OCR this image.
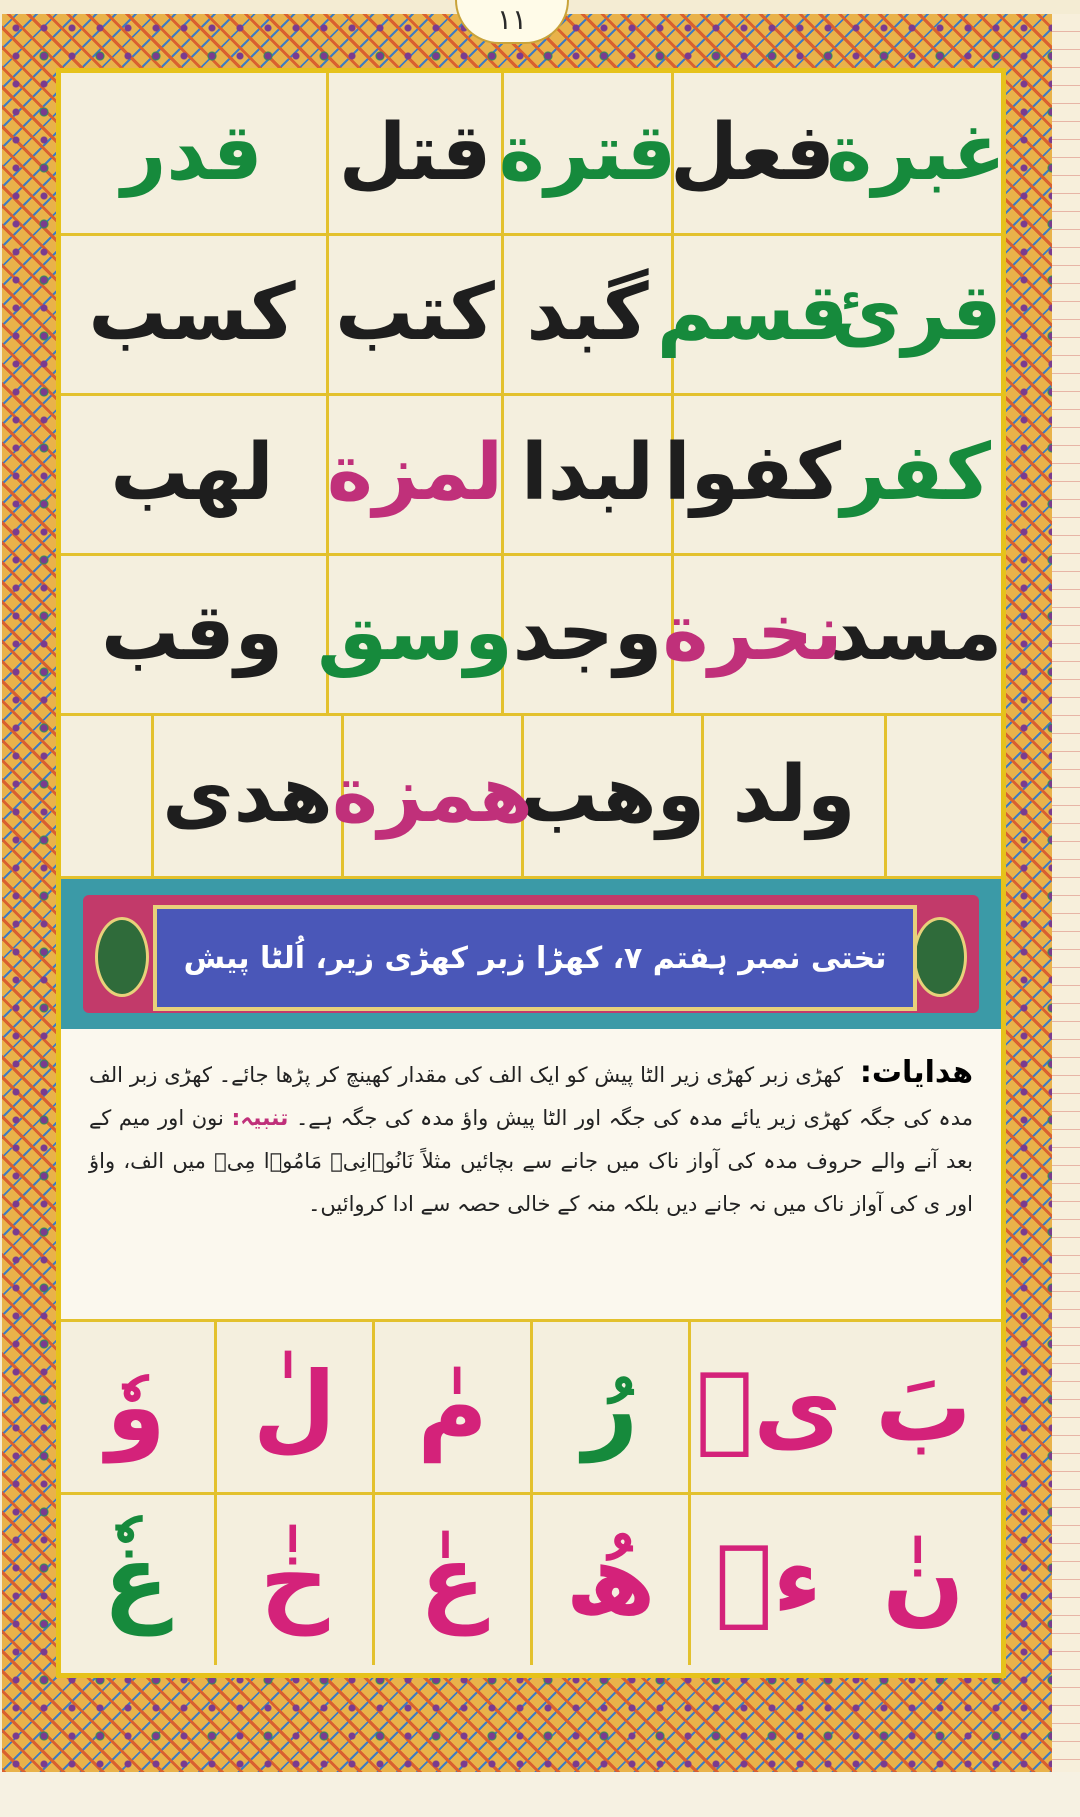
١١
غبرة
فعل
قترة
قتل
قدر
قرئ
قسم
گبد
كتب
كسب
كفر
كفوا
لبدا
لمزة
لهب
مسد
نخرة
وجد
وسق
وقب
ولد
وهب
همزة
هدى
تختی نمبر ہفتم ۷، کھڑا زبر کھڑی زیر، اُلٹا پیش
ھدایات: کھڑی زبر کھڑی زیر الٹا پیش کو ایک الف کی مقدار کھینچ کر پڑھا جائے۔ کھڑی زبر الف مدہ کی جگہ کھڑی زیر یائے مدہ کی جگہ اور الٹا پیش واؤ مدہ کی جگہ ہے۔ تنبیہ: نون اور میم کے بعد آنے والے حروف مدہ کی آواز ناک میں جانے سے بچائیں مثلاً نَانُوۡانِیۡ مَامُوۡا مِیۡ میں الف، واؤ اور ی کی آواز ناک میں نہ جانے دیں بلکہ منہ کے خالی حصہ سے ادا کروائیں۔
بَ
یٖ
رُ
مٰ
لٰ
وٗ
نٰ
ءٖ
ھُ
عٰ
خٰ
غٗ
